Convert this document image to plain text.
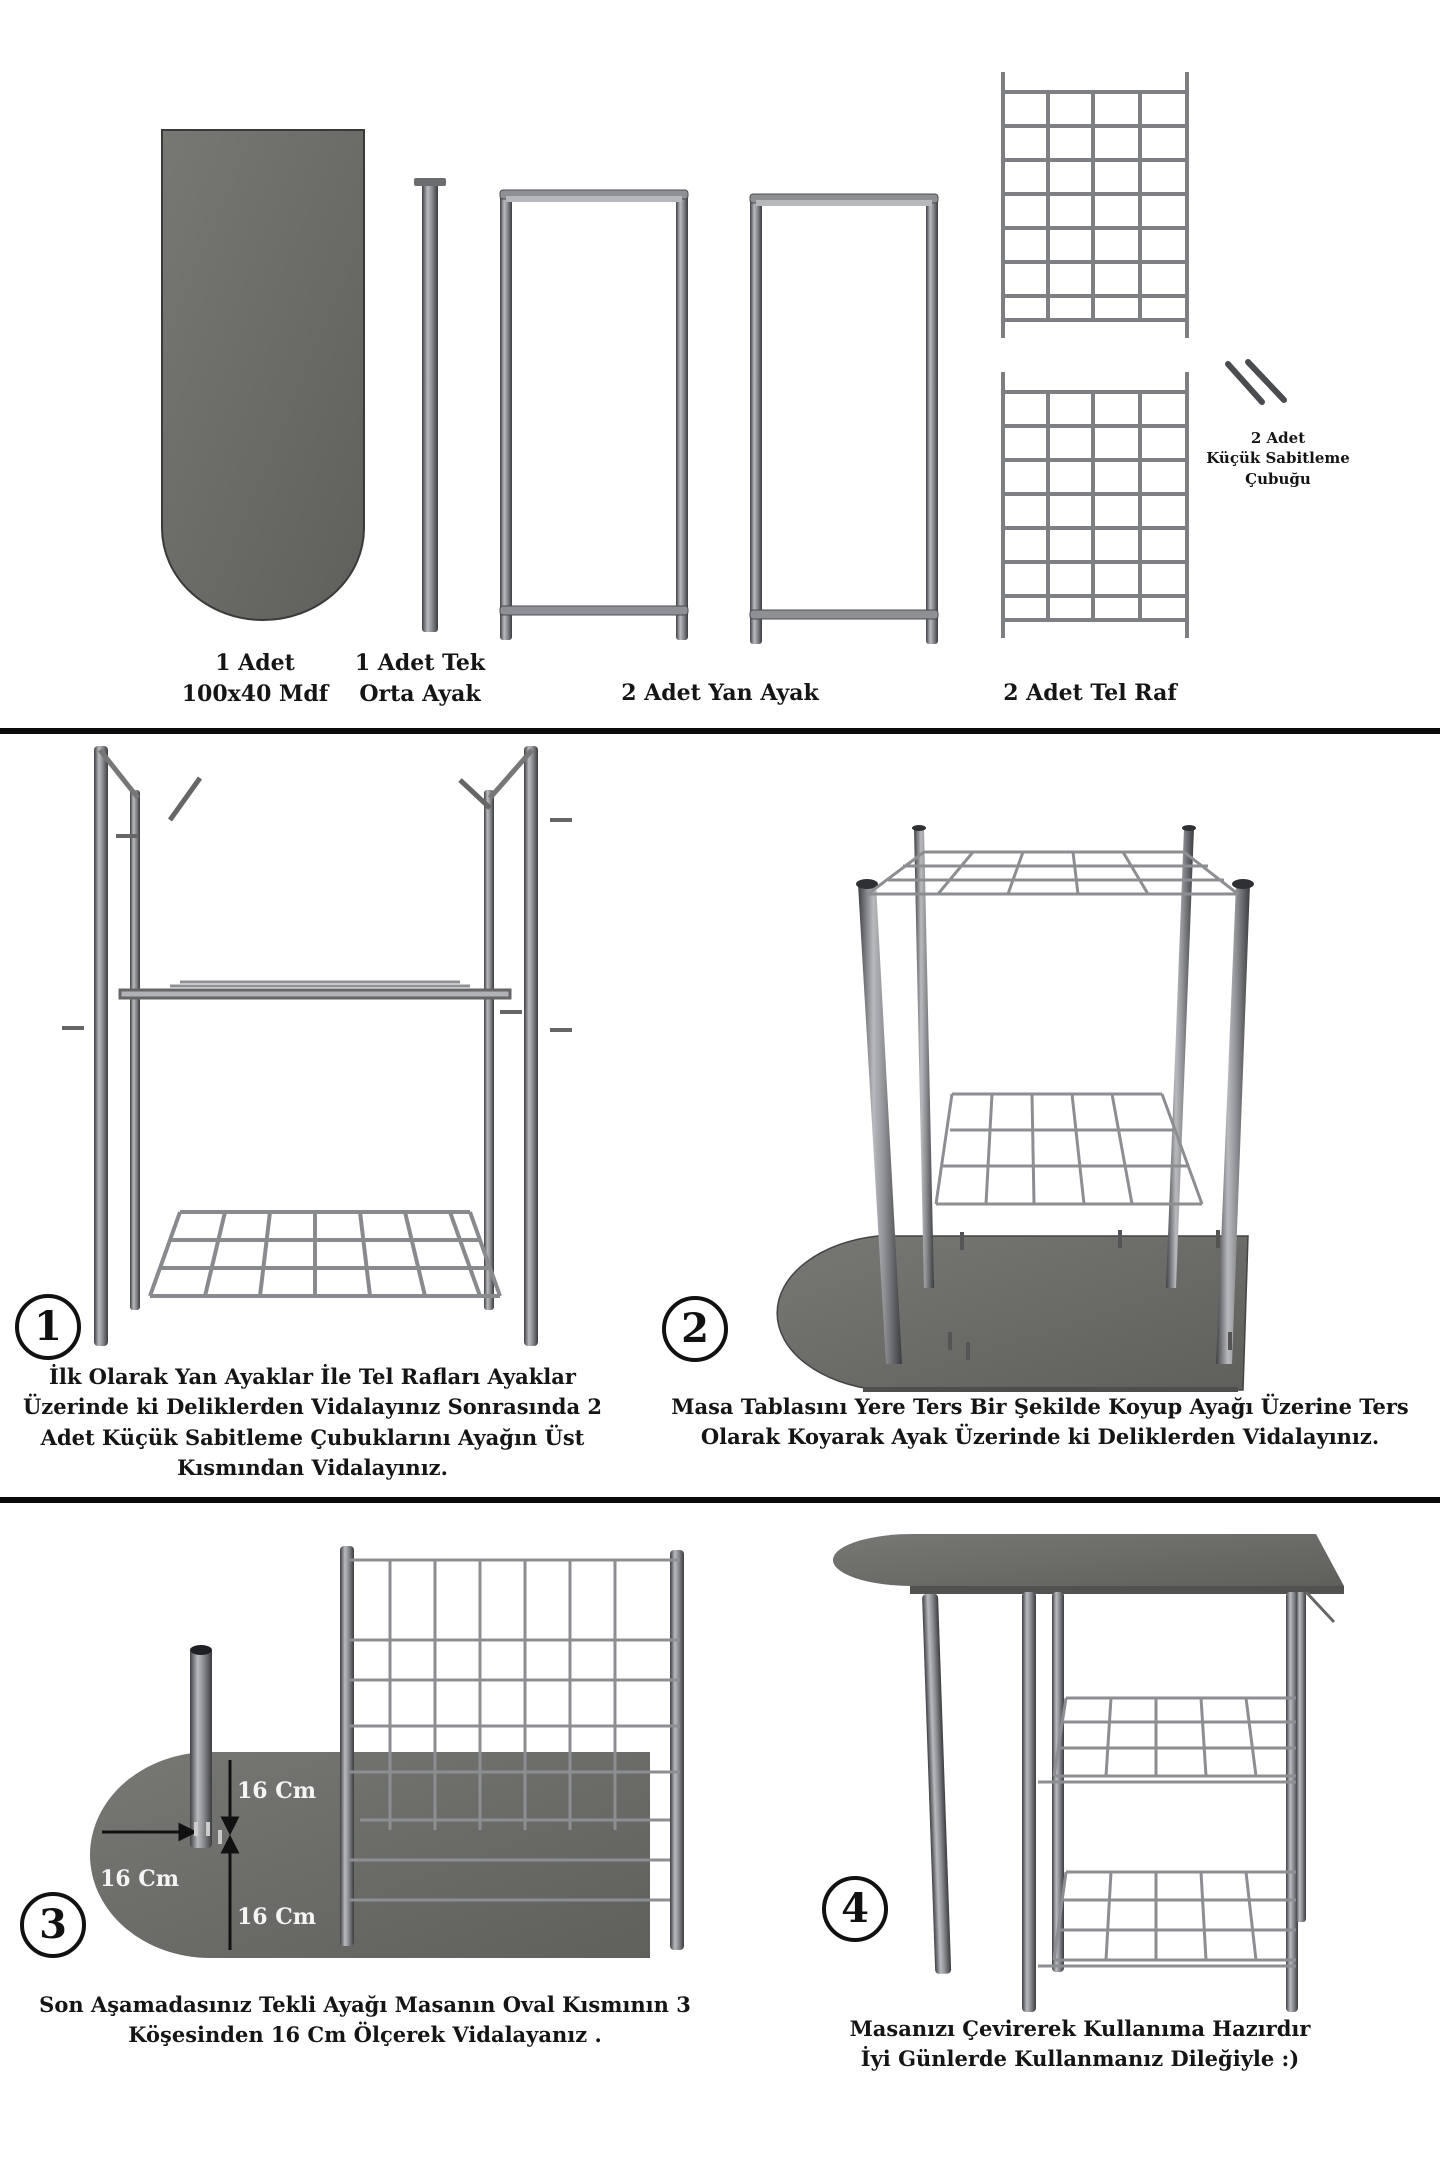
1 Adet
100x40 Mdf
1 Adet Tek
Orta Ayak	2 Adet Yan Ayak	2 Adet Tel Raf
2 Adet
Küçük Sabitleme
Çubuğu
1
İlk Olarak Yan Ayaklar İle Tel Rafları Ayaklar
Üzerinde ki Deliklerden Vidalayınız Sonrasında 2
Adet Küçük Sabitleme Çubuklarını Ayağın Üst
Kısmından Vidalayınız.
2
Masa Tablasını Yere Ters Bir Şekilde Koyup Ayağı Üzerine Ters
Olarak Koyarak Ayak Üzerinde ki Deliklerden Vidalayınız.
16 Cm
16 Cm
16 Cm
3
Son Aşamadasınız Tekli Ayağı Masanın Oval Kısmının 3
Köşesinden 16 Cm Ölçerek Vidalayanız .
4
Masanızı Çevirerek Kullanıma Hazırdır
İyi Günlerde Kullanmanız Dileğiyle :)
